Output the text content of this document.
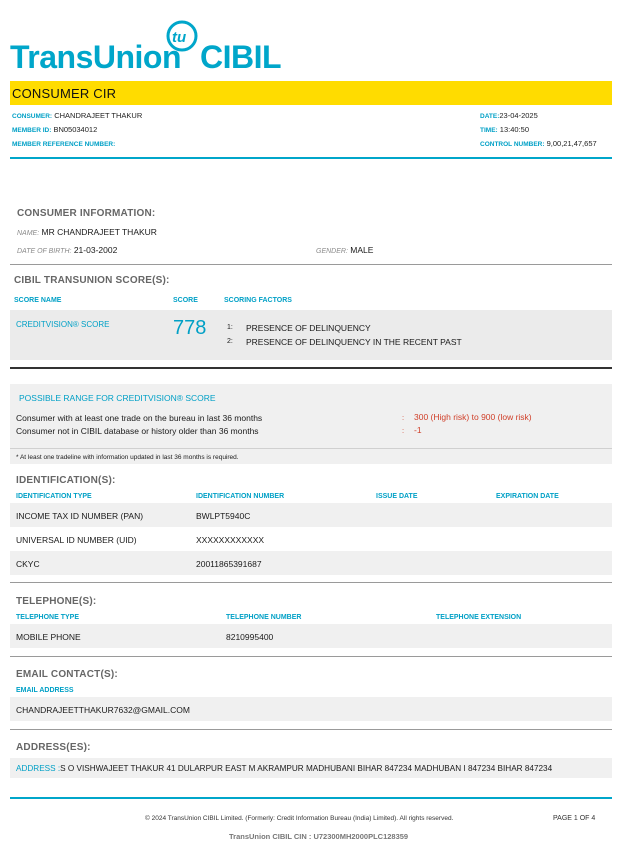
TransUnion CIBIL
tu
CONSUMER CIR
CONSUMER: CHANDRAJEET THAKUR
MEMBER ID: BN05034012
MEMBER REFERENCE NUMBER:
DATE:23-04-2025
TIME: 13:40:50
CONTROL NUMBER: 9,00,21,47,657
CONSUMER INFORMATION:
NAME: MR CHANDRAJEET THAKUR
DATE OF BIRTH: 21-03-2002	GENDER: MALE
CIBIL TRANSUNION SCORE(S):
SCORE NAME	SCORE	SCORING FACTORS
CREDITVISION® SCORE	778	1: PRESENCE OF DELINQUENCY
2: PRESENCE OF DELINQUENCY IN THE RECENT PAST
POSSIBLE RANGE FOR CREDITVISION® SCORE
Consumer with at least one trade on the bureau in last 36 months	: 300 (High risk) to 900 (low risk)
Consumer not in CIBIL database or history older than 36 months	: -1
* At least one tradeline with information updated in last 36 months is required.
IDENTIFICATION(S):
IDENTIFICATION TYPE	IDENTIFICATION NUMBER	ISSUE DATE	EXPIRATION DATE
INCOME TAX ID NUMBER (PAN)	BWLPT5940C
UNIVERSAL ID NUMBER (UID)	XXXXXXXXXXXX
CKYC	20011865391687
TELEPHONE(S):
TELEPHONE TYPE	TELEPHONE NUMBER	TELEPHONE EXTENSION
MOBILE PHONE	8210995400
EMAIL CONTACT(S):
EMAIL ADDRESS
CHANDRAJEETTHAKUR7632@GMAIL.COM
ADDRESS(ES):
ADDRESS :S O VISHWAJEET THAKUR 41 DULARPUR EAST M AKRAMPUR MADHUBANI BIHAR 847234 MADHUBAN I 847234 BIHAR 847234
© 2024 TransUnion CIBIL Limited. (Formerly: Credit Information Bureau (India) Limited). All rights reserved.	PAGE 1 OF 4
TransUnion CIBIL CIN : U72300MH2000PLC128359
